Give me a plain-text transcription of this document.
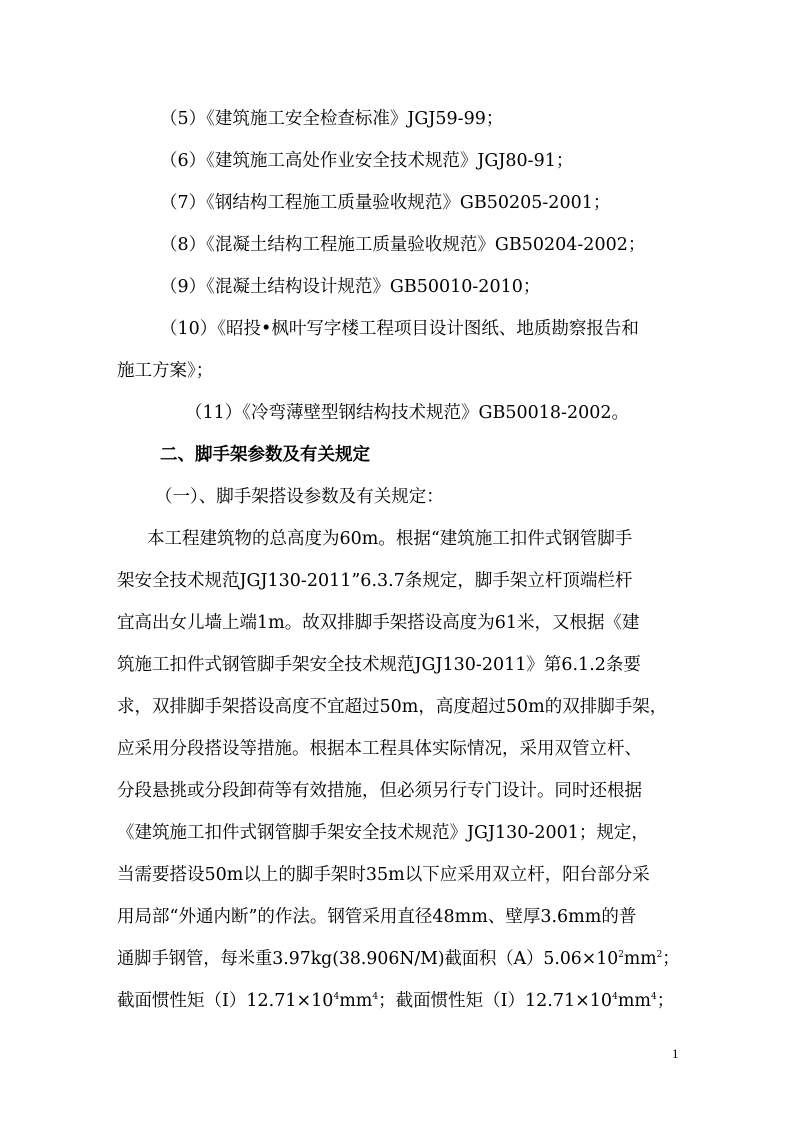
（5）《建筑施工安全检查标准》JGJ59-99；
（6）《建筑施工高处作业安全技术规范》JGJ80-91；
（7）《钢结构工程施工质量验收规范》GB50205-2001；
（8）《混凝土结构工程施工质量验收规范》GB50204-2002；
（9）《混凝土结构设计规范》GB50010-2010；
（10）《昭投•枫叶写字楼工程项目设计图纸、地质勘察报告和
施工方案》；
（11）《冷弯薄壁型钢结构技术规范》GB50018-2002。
二、脚手架参数及有关规定
（一）、脚手架搭设参数及有关规定：
本工程建筑物的总高度为60m。根据“建筑施工扣件式钢管脚手
架安全技术规范JGJ130-2011”6.3.7条规定，脚手架立杆顶端栏杆
宜高出女儿墙上端1m。故双排脚手架搭设高度为61米，又根据《建
筑施工扣件式钢管脚手架安全技术规范JGJ130-2011》第6.1.2条要
求，双排脚手架搭设高度不宜超过50m，高度超过50m的双排脚手架，
应采用分段搭设等措施。根据本工程具体实际情况，采用双管立杆、
分段悬挑或分段卸荷等有效措施，但必须另行专门设计。同时还根据
《建筑施工扣件式钢管脚手架安全技术规范》JGJ130-2001；规定，
当需要搭设50m以上的脚手架时35m以下应采用双立杆，阳台部分采
用局部“外通内断”的作法。钢管采用直径48mm、壁厚3.6mm的普
通脚手钢管，每米重3.97kg(38.906N/M)截面积$(A)5.06\times 10^2mm^2$；
截面惯性矩$(I)12.71\times 10^4mm^4$；截面惯性矩$(I)12.71\times 10^4mm^4$；
1
